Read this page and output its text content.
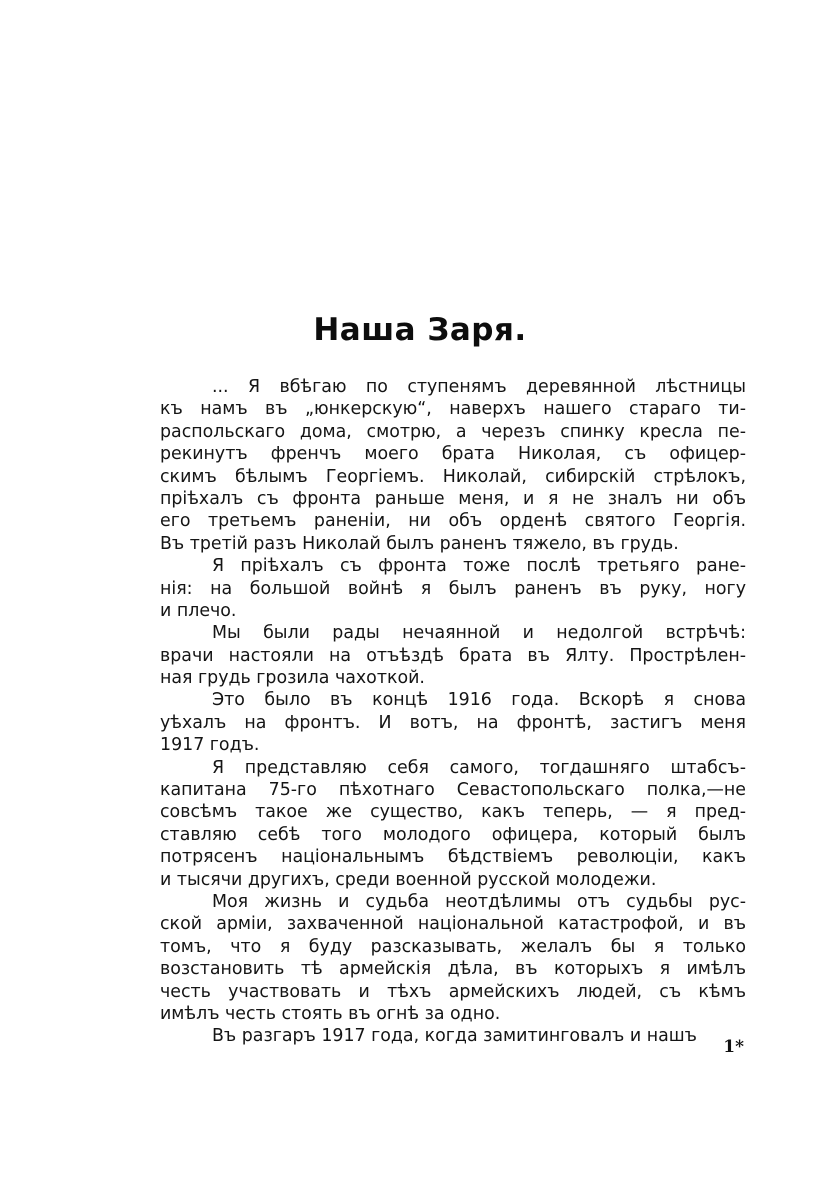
Наша Заря.
... Я вбѣгаю по ступенямъ деревянной лѣстницы
къ намъ въ „юнкерскую“, наверхъ нашего стараго ти-
распольскаго дома, смотрю, а черезъ спинку кресла пе-
рекинутъ френчъ моего брата Николая, съ офицер-
скимъ бѣлымъ Георгіемъ. Николай, сибирскій стрѣлокъ,
пріѣхалъ съ фронта раньше меня, и я не зналъ ни объ
его третьемъ раненіи, ни объ орденѣ святого Георгія.
Въ третій разъ Николай былъ раненъ тяжело, въ грудь.
Я пріѣхалъ съ фронта тоже послѣ третьяго ране-
нія: на большой войнѣ я былъ раненъ въ руку, ногу
и плечо.
Мы были рады нечаянной и недолгой встрѣчѣ:
врачи настояли на отъѣздѣ брата въ Ялту. Прострѣлен-
ная грудь грозила чахоткой.
Это было въ концѣ 1916 года. Вскорѣ я снова
уѣхалъ на фронтъ. И вотъ, на фронтѣ, застигъ меня
1917 годъ.
Я представляю себя самого, тогдашняго штабсъ-
капитана 75-го пѣхотнаго Севастопольскаго полка,—не
совсѣмъ такое же существо, какъ теперь, — я пред-
ставляю себѣ того молодого офицера, который былъ
потрясенъ національнымъ бѣдствіемъ революціи, какъ
и тысячи другихъ, среди военной русской молодежи.
Моя жизнь и судьба неотдѣлимы отъ судьбы рус-
ской арміи, захваченной національной катастрофой, и въ
томъ, что я буду разсказывать, желалъ бы я только
возстановить тѣ армейскія дѣла, въ которыхъ я имѣлъ
честь участвовать и тѣхъ армейскихъ людей, съ кѣмъ
имѣлъ честь стоять въ огнѣ за одно.
Въ разгаръ 1917 года, когда замитинговалъ и нашъ
1*
